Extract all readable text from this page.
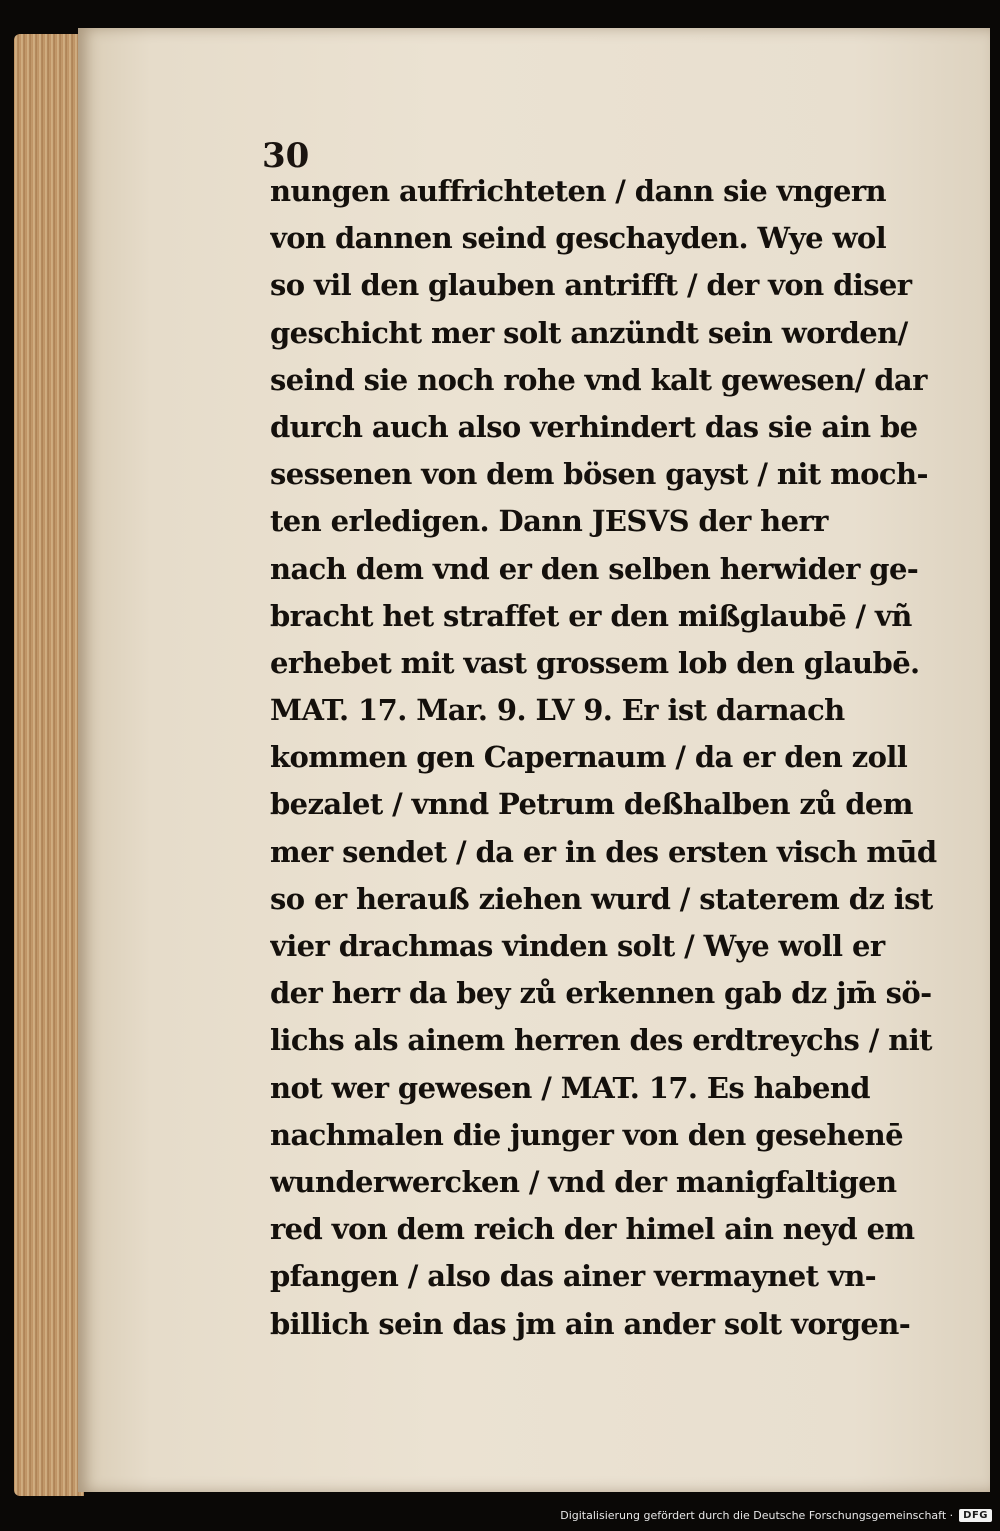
30
nungen auffrichteten / dann sie vngern
von dannen seind geschayden. Wye wol
so vil den glauben antrifft / der von diser
geschicht mer solt anzündt sein worden/
seind sie noch rohe vnd kalt gewesen/ dar
durch auch also verhindert das sie ain be
sessenen von dem bösen gayst / nit moch-
ten erledigen. Dann JESVS der herr
nach dem vnd er den selben herwider ge-
bracht het straffet er den mißglaubē / vñ
erhebet mit vast grossem lob den glaubē.
MAT. 17. Mar. 9. LV 9. Er ist darnach
kommen gen Capernaum / da er den zoll
bezalet / vnnd Petrum deßhalben zů dem
mer sendet / da er in des ersten visch mūd
so er herauß ziehen wurd / staterem dz ist
vier drachmas vinden solt / Wye woll er
der herr da bey zů erkennen gab dz jm̄ sö-
lichs als ainem herren des erdtreychs / nit
not wer gewesen / MAT. 17. Es habend
nachmalen die junger von den gesehenē
wunderwercken / vnd der manigfaltigen
red von dem reich der himel ain neyd em
pfangen / also das ainer vermaynet vn-
billich sein das jm ain ander solt vorgen-
Digitalisierung gefördert durch die Deutsche Forschungsgemeinschaft ·	DFG
